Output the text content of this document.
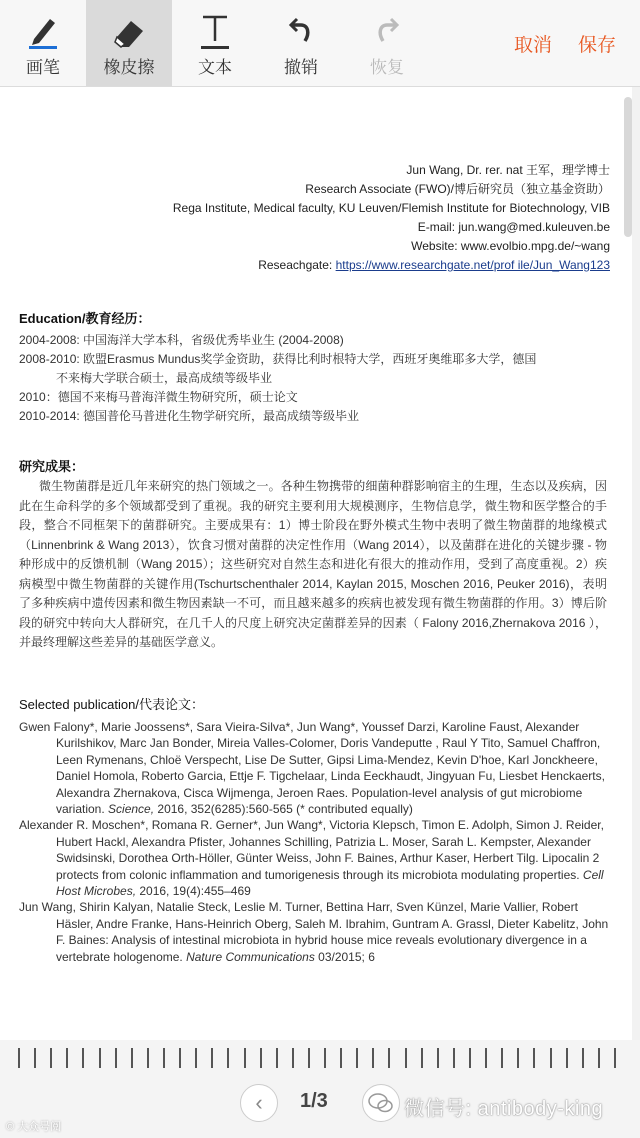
画笔	橡皮擦	文本	撤销	恢复
取消 保存
Jun Wang, Dr. rer. nat 王军，理学博士
Research Associate (FWO)/博后研究员（独立基金资助）
Rega Institute, Medical faculty, KU Leuven/Flemish Institute for Biotechnology, VIB
E-mail: jun.wang@med.kuleuven.be
Website: www.evolbio.mpg.de/~wang
Reseachgate: https://www.researchgate.net/prof ile/Jun_Wang123
Education/教育经历：
2004-2008: 中国海洋大学本科，省级优秀毕业生 (2004-2008)
2008-2010: 欧盟Erasmus Mundus奖学金资助，获得比利时根特大学，西班牙奥维耶多大学，德国
不来梅大学联合硕士，最高成绩等级毕业
2010：德国不来梅马普海洋微生物研究所，硕士论文
2010-2014: 德国普伦马普进化生物学研究所，最高成绩等级毕业
研究成果：
微生物菌群是近几年来研究的热门领域之一。各种生物携带的细菌种群影响宿主的生理，生态以及疾病，因此在生命科学的多个领域都受到了重视。我的研究主要利用大规模测序，生物信息学，微生物和医学整合的手段，整合不同框架下的菌群研究。主要成果有：1）博士阶段在野外模式生物中表明了微生物菌群的地缘模式（Linnenbrink & Wang 2013），饮食习惯对菌群的决定性作用（Wang 2014），以及菌群在进化的关键步骤 - 物种形成中的反馈机制（Wang 2015）；这些研究对自然生态和进化有很大的推动作用，受到了高度重视。2）疾病模型中微生物菌群的关键作用(Tschurtschenthaler 2014, Kaylan 2015, Moschen 2016, Peuker 2016)，表明了多种疾病中遗传因素和微生物因素缺一不可，而且越来越多的疾病也被发现有微生物菌群的作用。3）博后阶段的研究中转向大人群研究，在几千人的尺度上研究决定菌群差异的因素（ Falony 2016,Zhernakova 2016 ），并最终理解这些差异的基础医学意义。
Selected publication/代表论文：
Gwen Falony*, Marie Joossens*, Sara Vieira-Silva*, Jun Wang*, Youssef Darzi, Karoline Faust, Alexander Kurilshikov, Marc Jan Bonder, Mireia Valles-Colomer, Doris Vandeputte , Raul Y Tito, Samuel Chaffron, Leen Rymenans, Chloë Verspecht, Lise De Sutter, Gipsi Lima-Mendez, Kevin D'hoe, Karl Jonckheere, Daniel Homola, Roberto Garcia, Ettje F. Tigchelaar, Linda Eeckhaudt, Jingyuan Fu, Liesbet Henckaerts, Alexandra Zhernakova, Cisca Wijmenga, Jeroen Raes. Population-level analysis of gut microbiome variation. Science, 2016, 352(6285):560-565 (* contributed equally)
Alexander R. Moschen*, Romana R. Gerner*, Jun Wang*, Victoria Klepsch, Timon E. Adolph, Simon J. Reider, Hubert Hackl, Alexandra Pfister, Johannes Schilling, Patrizia L. Moser, Sarah L. Kempster, Alexander Swidsinski, Dorothea Orth-Höller, Günter Weiss, John F. Baines, Arthur Kaser, Herbert Tilg. Lipocalin 2 protects from colonic inflammation and tumorigenesis through its microbiota modulating properties. Cell Host Microbes, 2016, 19(4):455–469
Jun Wang, Shirin Kalyan, Natalie Steck, Leslie M. Turner, Bettina Harr, Sven Künzel, Marie Vallier, Robert Häsler, Andre Franke, Hans-Heinrich Oberg, Saleh M. Ibrahim, Guntram A. Grassl, Dieter Kabelitz, John F. Baines: Analysis of intestinal microbiota in hybrid house mice reveals evolutionary divergence in a vertebrate hologenome. Nature Communications 03/2015; 6
‹ 1/3	微信号: antibody-king
© 大众号阅
